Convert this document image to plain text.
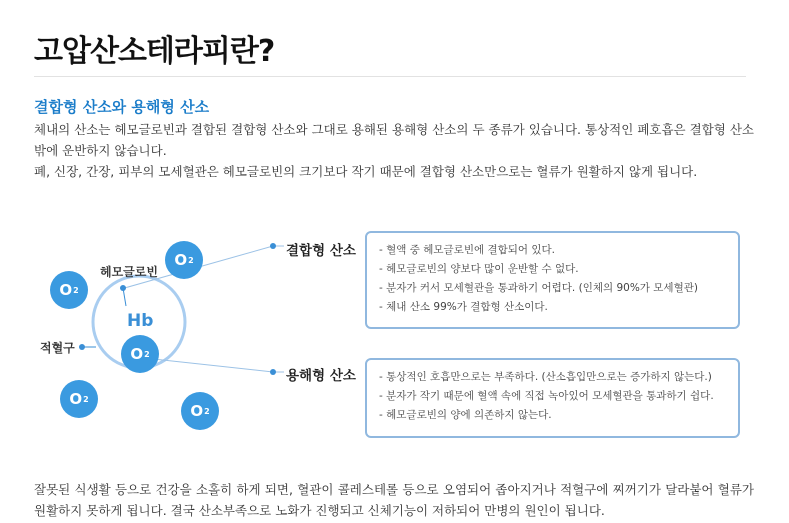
고압산소테라피란?
결합형 산소와 용해형 산소
체내의 산소는 헤모글로빈과 결합된 결합형 산소와 그대로 용해된 용해형 산소의 두 종류가 있습니다. 통상적인 폐호흡은 결합형 산소 밖에 운반하지 않습니다.
폐, 신장, 간장, 피부의 모세혈관은 헤모글로빈의 크기보다 작기 때문에 결합형 산소만으로는 혈류가 원활하지 않게 됩니다.
헤모글로빈
적혈구
Hb
O 2
O 2
O 2
O 2
O 2
결합형 산소	- 혈액 중 헤모글로빈에 결합되어 있다.
- 헤모글로빈의 양보다 많이 운반할 수 없다.
- 분자가 커서 모세혈관을 통과하기 어렵다. (인체의 90%가 모세혈관)
- 체내 산소 99%가 결합형 산소이다.
용해형 산소	- 통상적인 호흡만으로는 부족하다. (산소흡입만으로는 증가하지 않는다.)
- 분자가 작기 때문에 혈액 속에 직접 녹아있어 모세혈관을 통과하기 쉽다.
- 헤모글로빈의 양에 의존하지 않는다.
잘못된 식생활 등으로 건강을 소홀히 하게 되면, 혈관이 콜레스테롤 등으로 오염되어 좁아지거나 적혈구에 찌꺼기가 달라붙어 혈류가 원활하지 못하게 됩니다. 결국 산소부족으로 노화가 진행되고 신체기능이 저하되어 만병의 원인이 됩니다.
